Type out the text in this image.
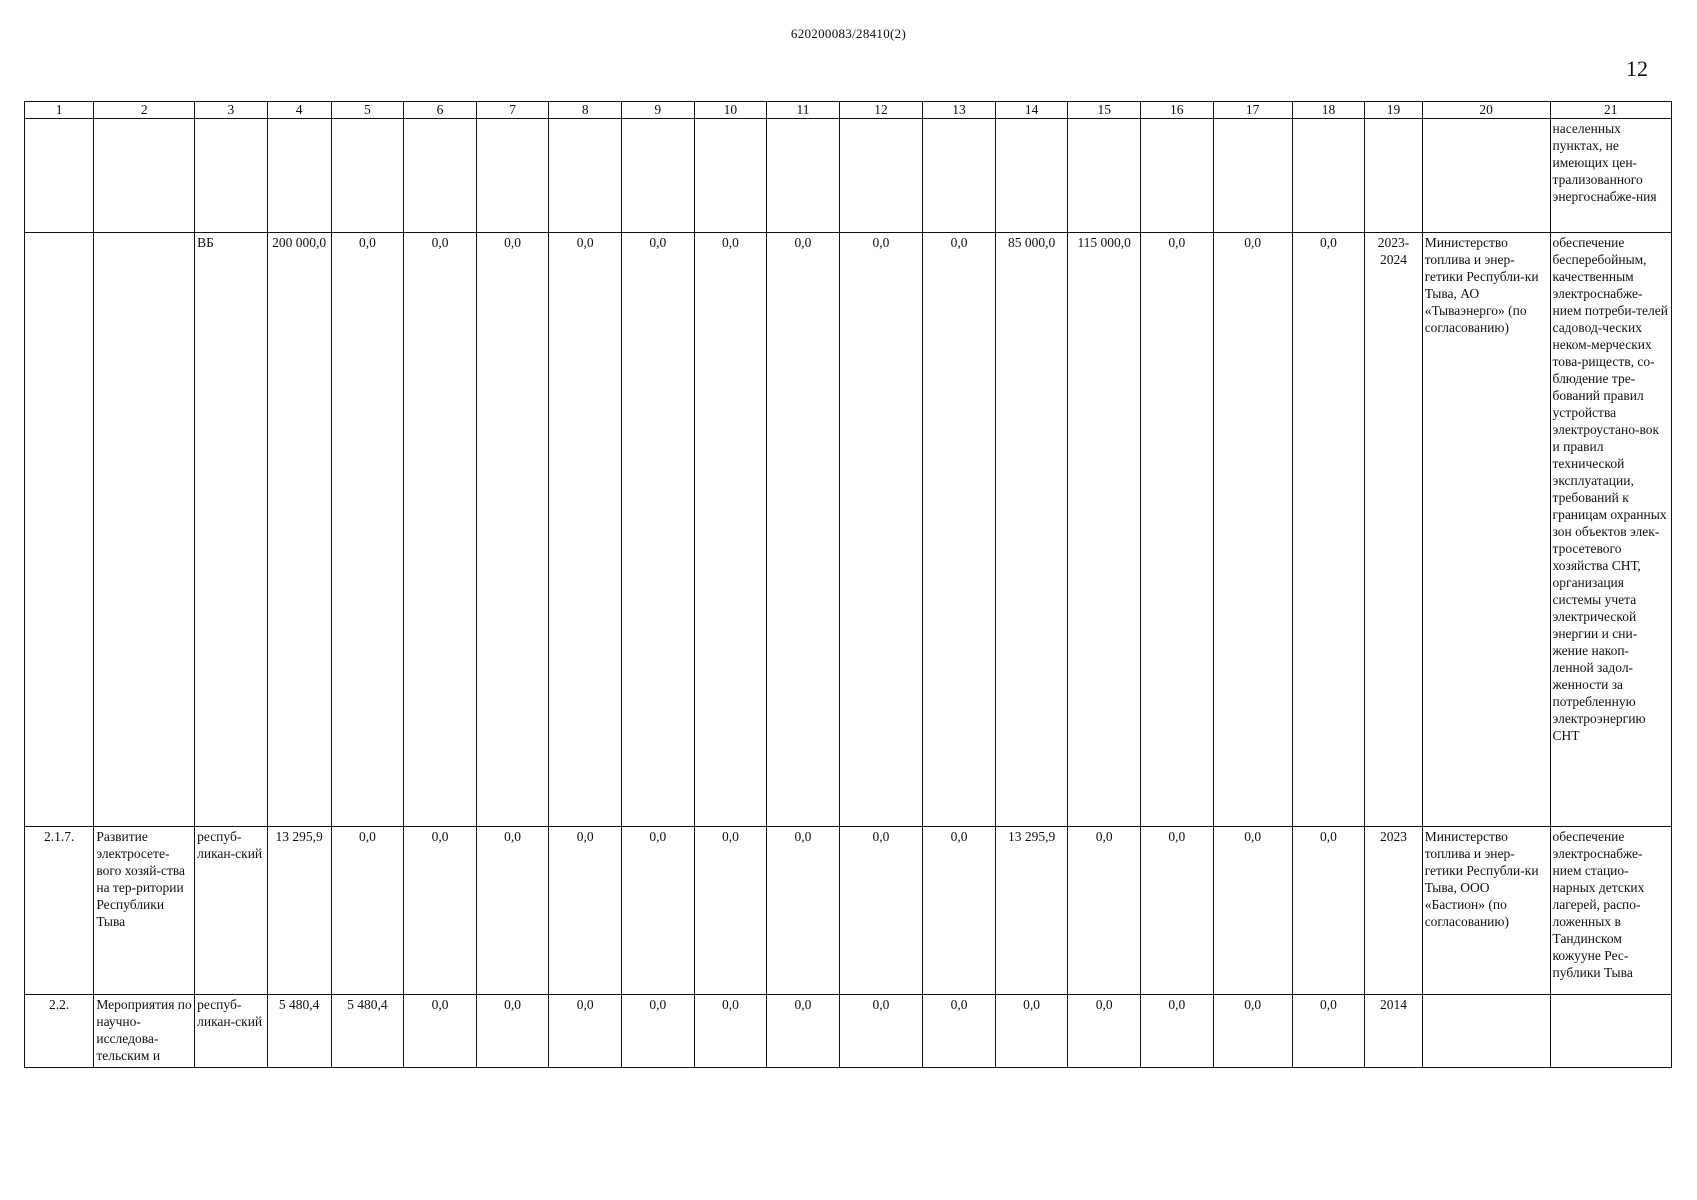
620200083/28410(2)
12
1	2	3	4	5	6	7	8	9	10	11	12	13	14	15	16	17	18	19	20	21
																				населенных пунктах, не имеющих цен-трализованного энергоснабже-ния
		ВБ	200 000,0	0,0	0,0	0,0	0,0	0,0	0,0	0,0	0,0	0,0	85 000,0	115 000,0	0,0	0,0	0,0	2023-2024	Министерство топлива и энер-гетики Республи-ки Тыва, АО «Тываэнерго» (по согласованию)	обеспечение бесперебойным, качественным электроснабже-нием потреби-телей садовод-ческих неком-мерческих това-риществ, со-блюдение тре-бований правил устройства электроустано-вок и правил технической эксплуатации, требований к границам охранных зон объектов элек-тросетевого хозяйства СНТ, организация системы учета электрической энергии и сни-жение накоп-ленной задол-женности за потребленную электроэнергию СНТ
2.1.7.	Развитие электросете-вого хозяй-ства на тер-ритории Республики Тыва	респуб-ликан-ский	13 295,9	0,0	0,0	0,0	0,0	0,0	0,0	0,0	0,0	0,0	13 295,9	0,0	0,0	0,0	0,0	2023	Министерство топлива и энер-гетики Республи-ки Тыва, ООО «Бастион» (по согласованию)	обеспечение электроснабже-нием стацио-нарных детских лагерей, распо-ложенных в Тандинском кожууне Рес-публики Тыва
2.2.	Мероприятия по научно-исследова-тельским и	респуб-ликан-ский	5 480,4	5 480,4	0,0	0,0	0,0	0,0	0,0	0,0	0,0	0,0	0,0	0,0	0,0	0,0	0,0	2014		
